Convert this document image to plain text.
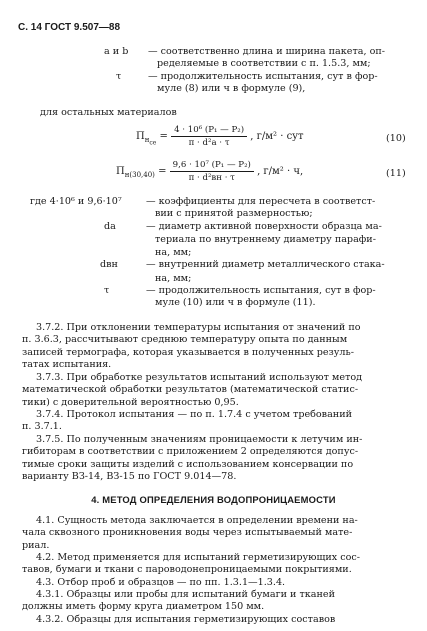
С. 14 ГОСТ 9.507—88
a и b — соответственно длина и ширина пакета, оп-
ределяемые в соответствии с п. 1.5.3, мм;
τ	— продолжительность испытания, сут в фор-
муле (8) или ч в формуле (9),
для остальных материалов
$П_{н_{се}} = \frac{\text{4 · 10⁶ (P₁ — P₂)}}{\text{π · d²a · τ}}$ , г/м² · сут	(10)
$П_{н(30,40)} = \frac{\text{9,6 · 10⁷ (P₁ — P₂)}}{\text{π · d²вн · τ}}$ , г/м² · ч,	(11)
где 4·10⁶ и 9,6·10⁷	— коэффициенты для пересчета в соответст-
вии с принятой размерностью;
dа	— диаметр активной поверхности образца ма-
териала по внутреннему диаметру парафи-
на, мм;
dвн	— внутренний диаметр металлического стака-
на, мм;
τ	— продолжительность испытания, сут в фор-
муле (10) или ч в формуле (11).
3.7.2. При отклонении температуры испытания от значений по
п. 3.6.3, рассчитывают среднюю температуру опыта по данным
записей термографа, которая указывается в полученных резуль-
татах испытания.
3.7.3. При обработке результатов испытаний используют метод
математической обработки результатов (математической статис-
тики) с доверительной вероятностью 0,95.
3.7.4. Протокол испытания — по п. 1.7.4 с учетом требований
п. 3.7.1.
3.7.5. По полученным значениям проницаемости к летучим ин-
гибиторам в соответствии с приложением 2 определяются допус-
тимые сроки защиты изделий с использованием консервации по
варианту ВЗ-14, ВЗ-15 по ГОСТ 9.014—78.
4. МЕТОД ОПРЕДЕЛЕНИЯ ВОДОПРОНИЦАЕМОСТИ
4.1. Сущность метода заключается в определении времени на-
чала сквозного проникновения воды через испытываемый мате-
риал.
4.2. Метод применяется для испытаний герметизирующих сос-
тавов, бумаги и ткани с пароводонепроницаемыми покрытиями.
4.3. Отбор проб и образцов — по пп. 1.3.1—1.3.4.
4.3.1. Образцы или пробы для испытаний бумаги и тканей
должны иметь форму круга диаметром 150 мм.
4.3.2. Образцы для испытания герметизирующих составов
